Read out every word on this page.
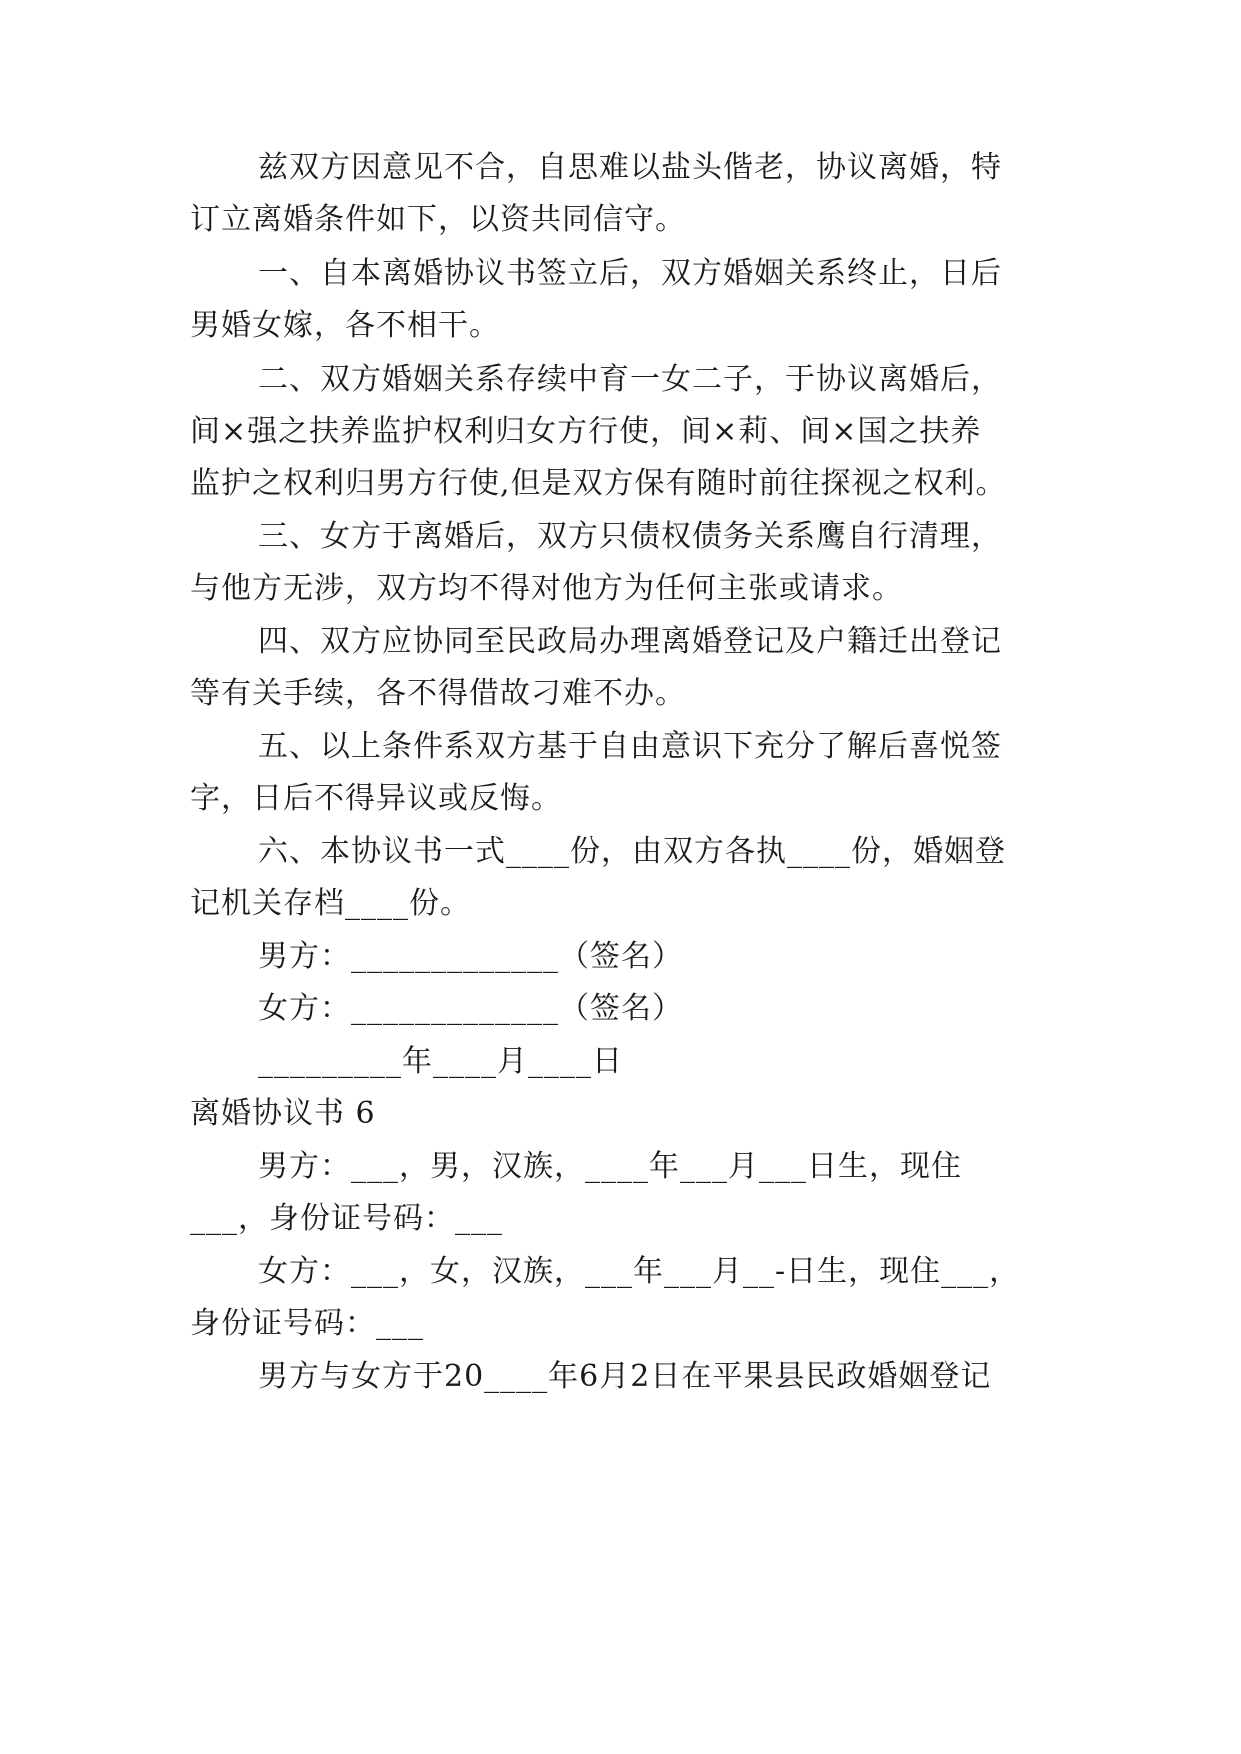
兹双方因意见不合，自思难以盐头偕老，协议离婚，特
订立离婚条件如下，以资共同信守。
一、自本离婚协议书签立后，双方婚姻关系终止，日后
男婚女嫁，各不相干。
二、双方婚姻关系存续中育一女二子，于协议离婚后，
间×强之扶养监护权利归女方行使，间×莉、间×国之扶养
监护之权利归男方行使,但是双方保有随时前往探视之权利。
三、女方于离婚后，双方只债权债务关系鹰自行清理，
与他方无涉，双方均不得对他方为任何主张或请求。
四、双方应协同至民政局办理离婚登记及户籍迁出登记
等有关手续，各不得借故刁难不办。
五、以上条件系双方基于自由意识下充分了解后喜悦签
字，日后不得异议或反悔。
六、本协议书一式____份，由双方各执____份，婚姻登
记机关存档____份。
男方：_____________（签名）
女方：_____________（签名）
_________年____月____日
离婚协议书 6
男方：___，男，汉族，____年___月___日生，现住
___，身份证号码：___
女方：___，女，汉族，___年___月__-日生，现住___，
身份证号码：___
男方与女方于20____年6月2日在平果县民政婚姻登记
